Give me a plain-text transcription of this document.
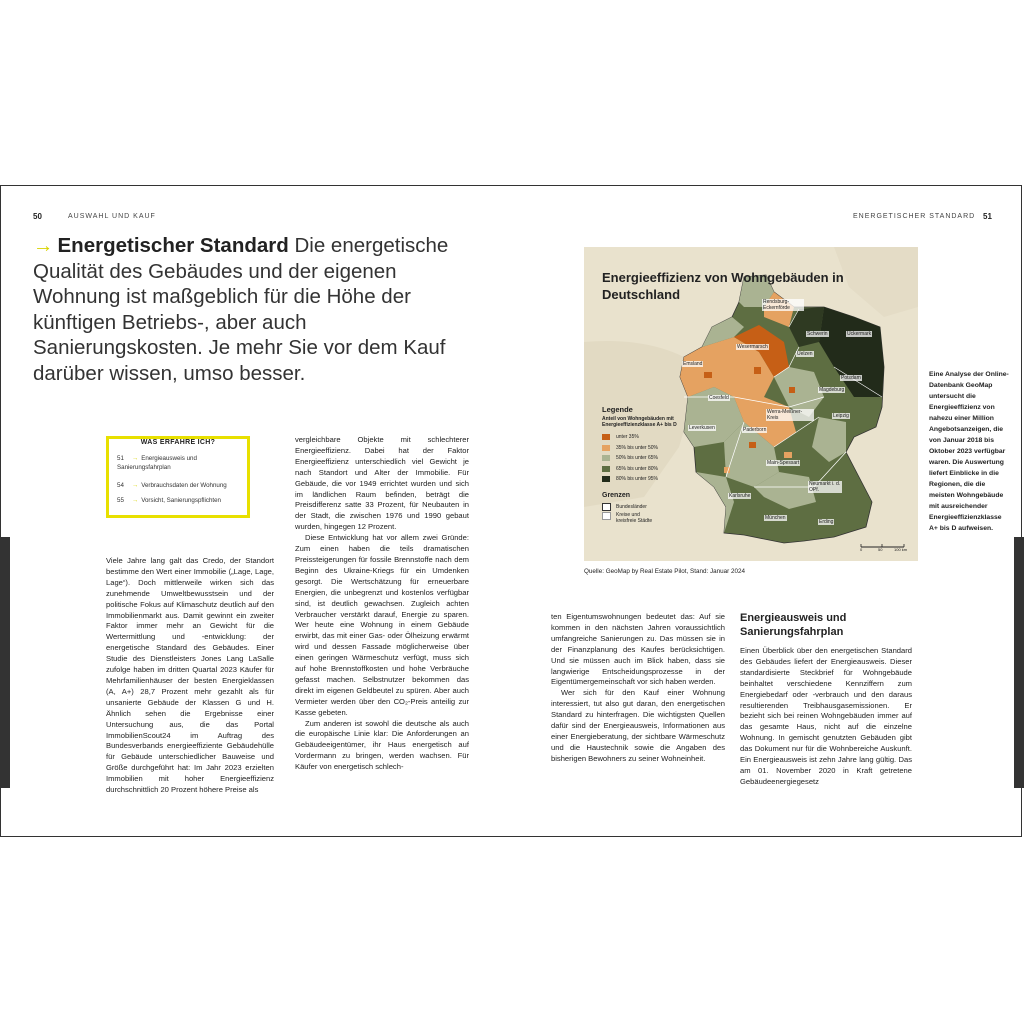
50	AUSWAHL UND KAUF
→ Energetischer Standard Die energetische Qualität des Gebäudes und der eigenen Wohnung ist maßgeblich für die Höhe der künftigen Betriebs-, aber auch Sanierungskosten. Je mehr Sie vor dem Kauf darüber wissen, umso besser.
WAS ERFAHRE ICH?
51 → Energieausweis und Sanierungsfahrplan
54 → Verbrauchsdaten der Wohnung
55 → Vorsicht, Sanierungspflichten

Viele Jahre lang galt das Credo, der Standort bestimme den Wert einer Immobilie („Lage, Lage, Lage“). Doch mittlerweile wirken sich das zunehmende Umweltbewusstsein und der politische Fokus auf Klimaschutz deutlich auf den Immobilienmarkt aus. Damit gewinnt ein zweiter Faktor immer mehr an Gewicht für die Wertermittlung und -entwicklung: der energetische Standard des Gebäudes. Einer Studie des Dienstleisters Jones Lang LaSalle zufolge haben im dritten Quartal 2023 Käufer für Mehrfamilienhäuser der besten Energieklassen (A, A+) 28,7 Prozent mehr gezahlt als für unsanierte Gebäude der Klassen G und H. Ähnlich sehen die Ergebnisse einer Untersuchung aus, die das Portal ImmobilienScout24 im Auftrag des Bundesverbands energieeffiziente Gebäudehülle für Gebäude unterschiedlicher Bauweise und Größe durchgeführt hat: Im Jahr 2023 erzielten Immobilien mit hoher Energieeffizienz durchschnittlich 20 Prozent höhere Preise als

vergleichbare Objekte mit schlechterer Energieeffizienz. Dabei hat der Faktor Energieeffizienz unterschiedlich viel Gewicht je nach Standort und Alter der Immobilie. Für Gebäude, die vor 1949 errichtet wurden und sich im ländlichen Raum befinden, beträgt die Preisdifferenz satte 33 Prozent, für Neubauten in der Stadt, die zwischen 1976 und 1990 gebaut wurden, hingegen 12 Prozent.

Diese Entwicklung hat vor allem zwei Gründe: Zum einen haben die teils dramatischen Preissteigerungen für fossile Brennstoffe nach dem Beginn des Ukraine-Kriegs für ein Umdenken gesorgt. Die Wertschätzung für erneuerbare Energien, die unbegrenzt und kostenlos verfügbar sind, ist deutlich gewachsen. Zugleich achten Verbraucher verstärkt darauf, Energie zu sparen. Wer heute eine Wohnung in einem Gebäude erwirbt, das mit einer Gas- oder Ölheizung erwärmt wird und dessen Fassade möglicherweise über einen geringen Wärmeschutz verfügt, muss sich auf hohe Brennstoffkosten und hohe Verbräuche gefasst machen. Selbstnutzer bekommen das direkt im eigenen Geldbeutel zu spüren. Aber auch Vermieter werden über den CO₂-Preis anteilig zur Kasse gebeten.

Zum anderen ist sowohl die deutsche als auch die europäische Linie klar: Die Anforderungen an Gebäudeeigentümer, ihr Haus energetisch auf Vordermann zu bringen, werden wachsen. Für Käufer von energetisch schlech-

ENERGETISCHER STANDARD 51
Energieeffizienz von Wohngebäuden in Deutschland
Legende
Anteil von Wohngebäuden mit Energieeffizienzklasse A+ bis D
unter 35%
35% bis unter 50%
50% bis unter 65%
65% bis unter 80%
80% bis unter 95%
Grenzen
Bundesländer
Kreise und kreisfreie Städte
Rendsburg-Eckernförde
Schwerin	Uckermark
Wesermarsch
Uelzen
Emsland
Potsdam
Coesfeld
Magdeburg
Leverkusen	Paderborn
Werra-Meißner-Kreis	Leipzig
Main-Spessart
Neumarkt i. d. OPf.
Karlsruhe
München
Erding
0	50	100 km
Quelle: GeoMap by Real Estate Pilot, Stand: Januar 2024
Eine Analyse der Online-Datenbank GeoMap untersucht die Energieeffizienz von nahezu einer Million Angebotsanzeigen, die von Januar 2018 bis Oktober 2023 verfügbar waren. Die Auswertung liefert Einblicke in die Regionen, die die meisten Wohngebäude mit ausreichender Energieeffizienzklasse A+ bis D aufweisen.

ten Eigentumswohnungen bedeutet das: Auf sie kommen in den nächsten Jahren voraussichtlich umfangreiche Sanierungen zu. Das müssen sie in der Finanzplanung des Kaufes berücksichtigen. Und sie müssen auch im Blick haben, dass sie langwierige Entscheidungsprozesse in der Eigentümergemeinschaft vor sich haben werden.

Wer sich für den Kauf einer Wohnung interessiert, tut also gut daran, den energetischen Standard zu hinterfragen. Die wichtigsten Quellen dafür sind der Energieausweis, Informationen aus einer Energieberatung, der sichtbare Wärmeschutz und die Haustechnik sowie die Angaben des bisherigen Bewohners zu seiner Wohneinheit.

Energieausweis und Sanierungsfahrplan

Einen Überblick über den energetischen Standard des Gebäudes liefert der Energieausweis. Dieser standardisierte Steckbrief für Wohngebäude beinhaltet verschiedene Kennziffern zum Energiebedarf oder -verbrauch und den daraus resultierenden Treibhausgasemissionen. Er bezieht sich bei reinen Wohngebäuden immer auf das gesamte Haus, nicht auf die einzelne Wohnung. In gemischt genutzten Gebäuden gibt das Dokument nur für die Wohnbereiche Auskunft. Ein Energieausweis ist zehn Jahre lang gültig. Das am 01. November 2020 in Kraft getretene Gebäudeenergiegesetz
